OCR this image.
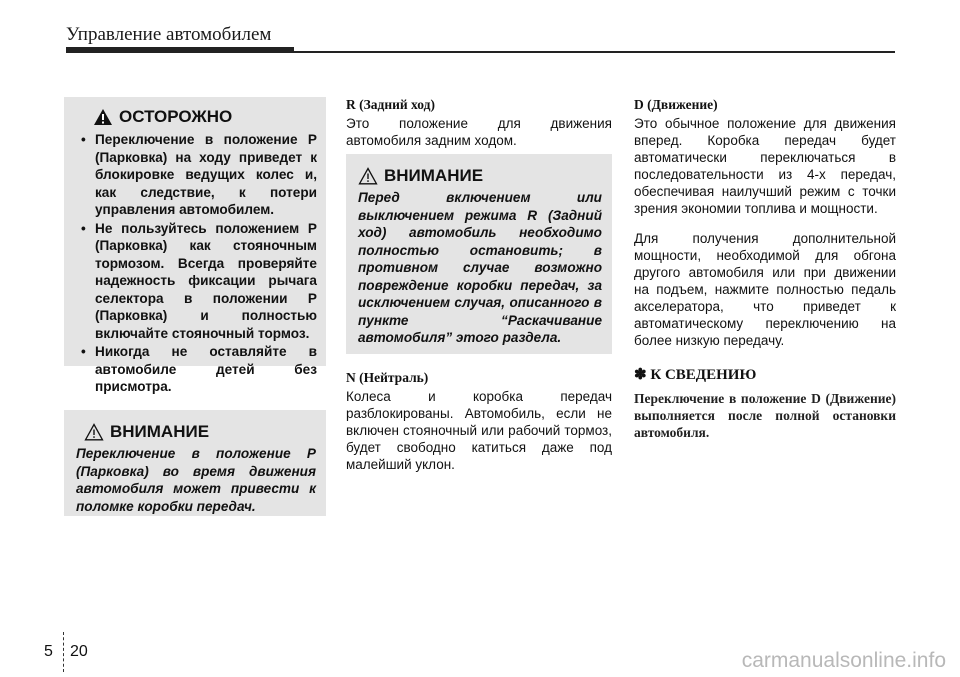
Управление автомобилем
ОСТОРОЖНО
• Переключение в положение P (Парковка) на ходу приведет к блокировке ведущих колес и, как следствие, к потери управления автомобилем.
• Не пользуйтесь положением P (Парковка) как стояночным тормозом. Всегда проверяйте надежность фиксации рычага селектора в положении P (Парковка) и полностью включайте стояночный тормоз.
• Никогда не оставляйте в автомобиле детей без присмотра.
ВНИМАНИЕ
Переключение в положение P (Парковка) во время движения автомобиля может привести к поломке коробки передач.
R (Задний ход)

Это положение для движения автомобиля задним ходом.

ВНИМАНИЕ
Перед включением или выключением режима R (Задний ход) автомобиль необходимо полностью остановить; в противном случае возможно повреждение коробки передач, за исключением случая, описанного в пункте “Раскачивание автомобиля” этого раздела.
N (Нейтраль)

Колеса и коробка передач разблокированы. Автомобиль, если не включен стояночный или рабочий тормоз, будет свободно катиться даже под малейший уклон.

D (Движение)

Это обычное положение для движения вперед. Коробка передач будет автоматически переключаться в последовательности из 4-х передач, обеспечивая наилучший режим с точки зрения экономии топлива и мощности.

Для получения дополнительной мощности, необходимой для обгона другого автомобиля или при движении на подъем, нажмите полностью педаль акселератора, что приведет к автоматическому переключению на более низкую передачу.

✽ К СВЕДЕНИЮ
Переключение в положение D (Движение) выполняется после полной остановки автомобиля.
5 20	carmanualsonline.info
